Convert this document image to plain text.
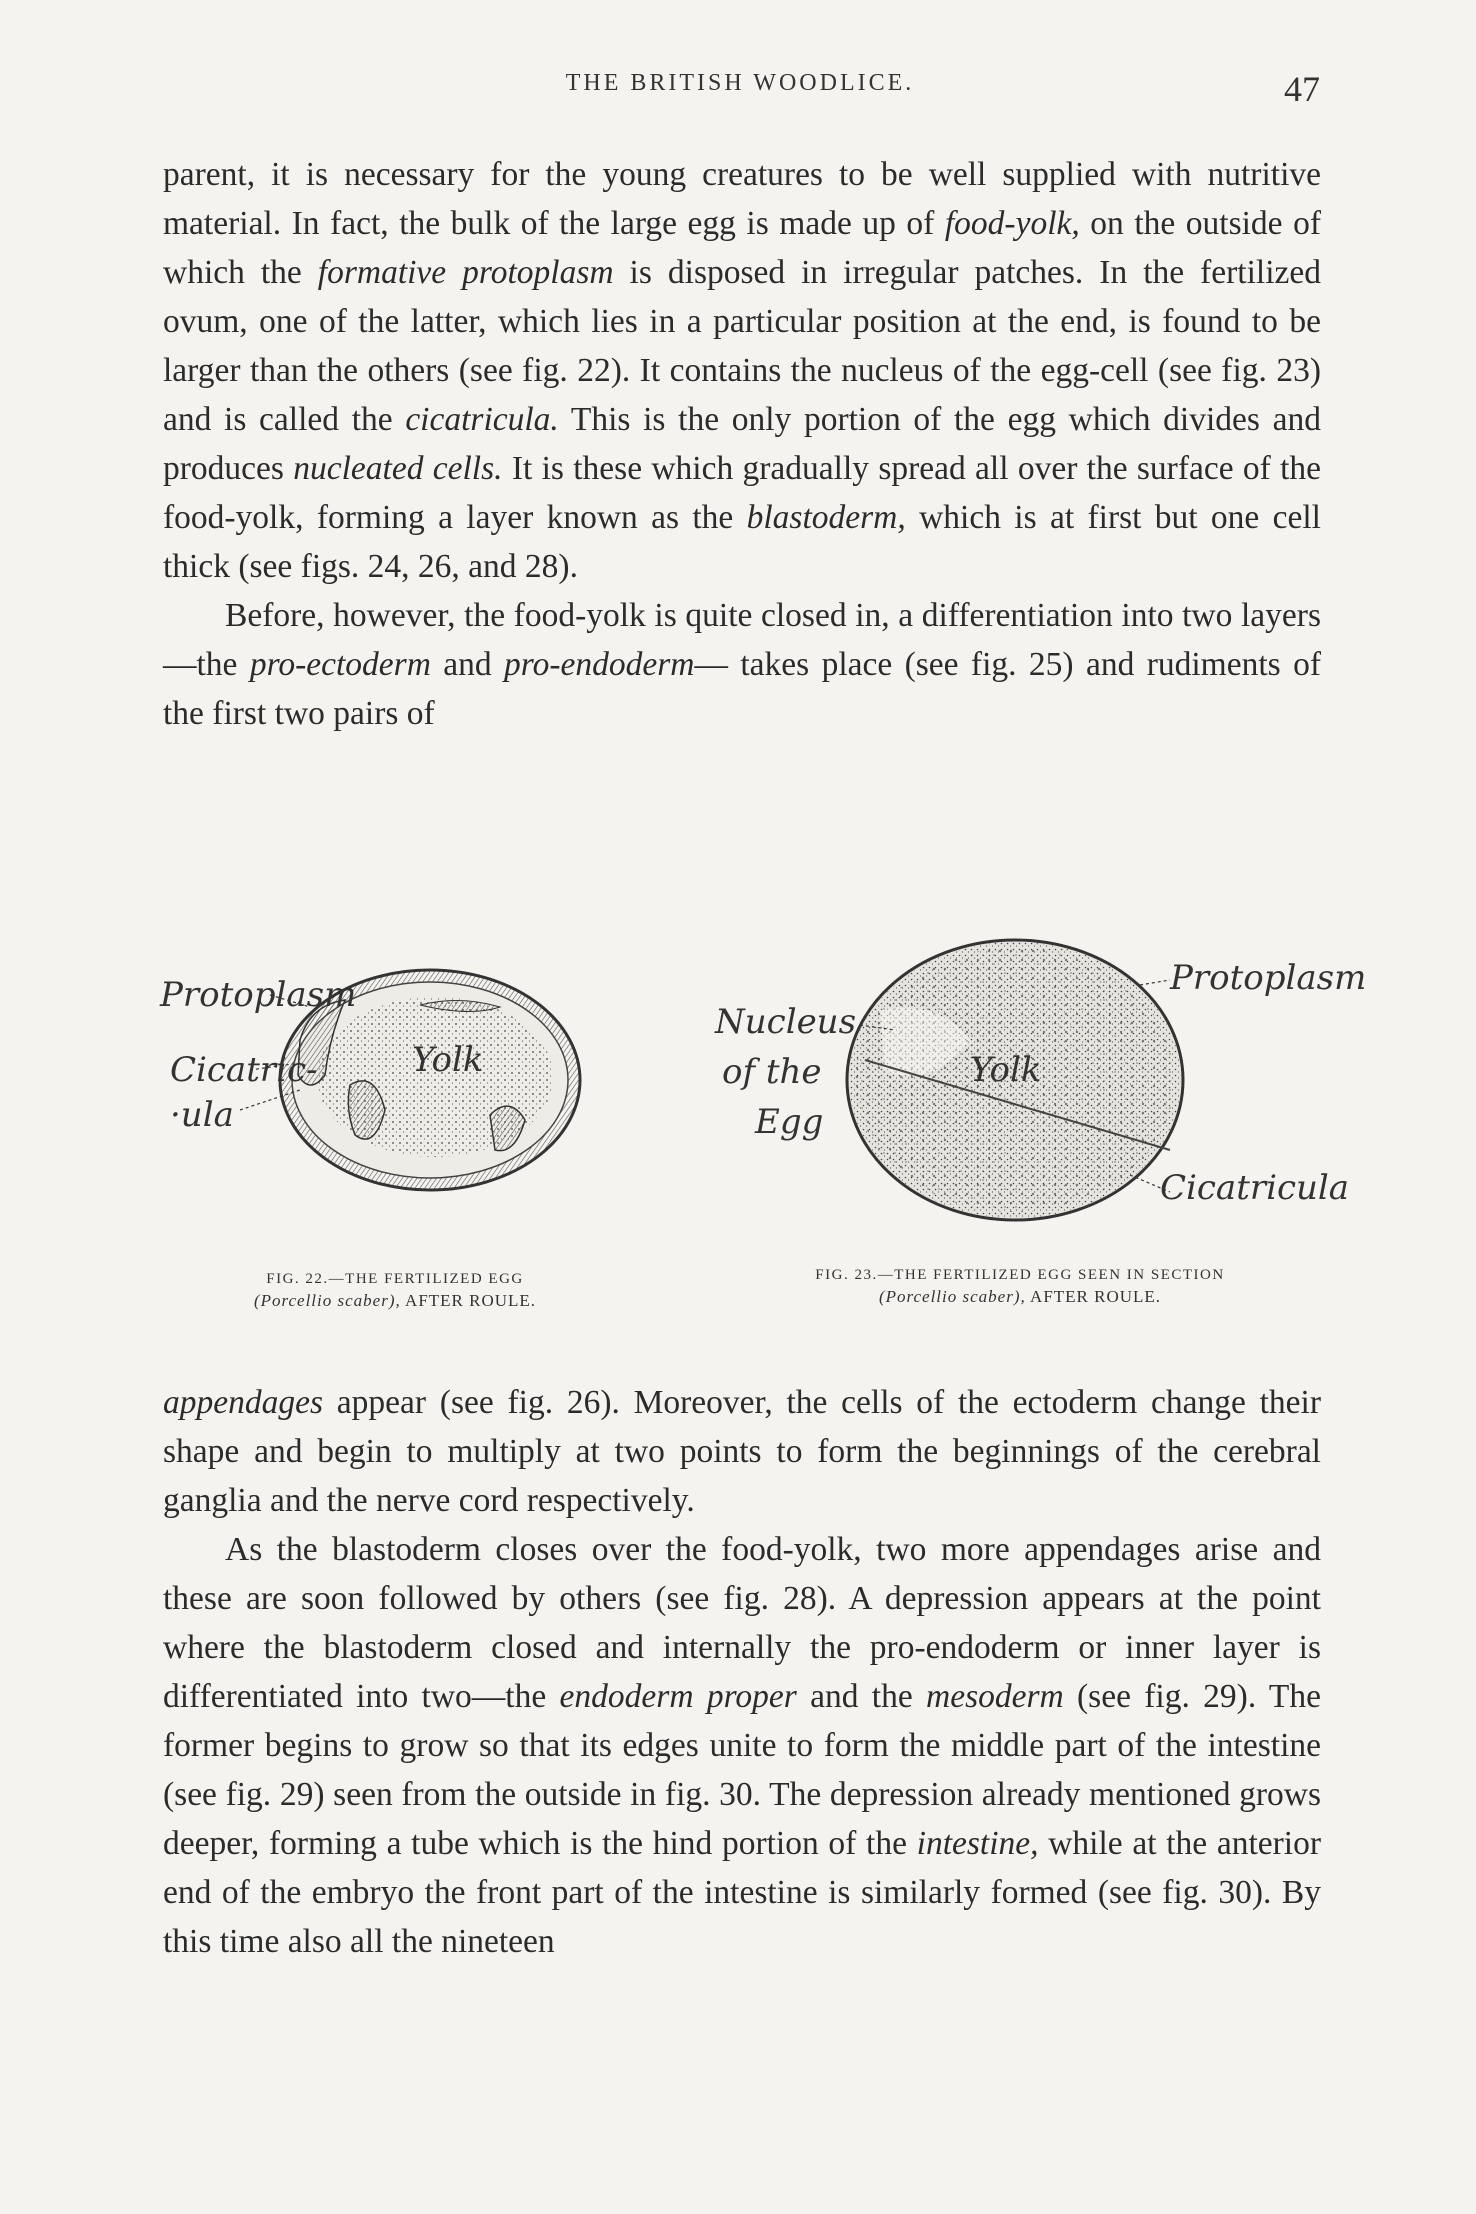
THE BRITISH WOODLICE.	47

parent, it is necessary for the young creatures to be well supplied with nutritive material. In fact, the bulk of the large egg is made up of food-yolk, on the outside of which the formative protoplasm is disposed in irregular patches. In the fertilized ovum, one of the latter, which lies in a particular position at the end, is found to be larger than the others (see fig. 22). It contains the nucleus of the egg-cell (see fig. 23) and is called the cicatricula. This is the only portion of the egg which divides and produces nucleated cells. It is these which gradually spread all over the surface of the food-yolk, forming a layer known as the blastoderm, which is at first but one cell thick (see figs. 24, 26, and 28).

Before, however, the food-yolk is quite closed in, a differentiation into two layers—the pro-ectoderm and pro-endoderm— takes place (see fig. 25) and rudiments of the first two pairs of

Protoplasm
Cicatric-
·ula
Yolk
FIG. 22.—THE FERTILIZED EGG
(Porcellio scaber), AFTER ROULE.
Nucleus
of the
Egg
Yolk
Protoplasm
Cicatricula
FIG. 23.—THE FERTILIZED EGG SEEN IN SECTION
(Porcellio scaber), AFTER ROULE.

appendages appear (see fig. 26). Moreover, the cells of the ectoderm change their shape and begin to multiply at two points to form the beginnings of the cerebral ganglia and the nerve cord respectively.

As the blastoderm closes over the food-yolk, two more appendages arise and these are soon followed by others (see fig. 28). A depression appears at the point where the blastoderm closed and internally the pro-endoderm or inner layer is differentiated into two—the endoderm proper and the mesoderm (see fig. 29). The former begins to grow so that its edges unite to form the middle part of the intestine (see fig. 29) seen from the outside in fig. 30. The depression already mentioned grows deeper, forming a tube which is the hind portion of the intestine, while at the anterior end of the embryo the front part of the intestine is similarly formed (see fig. 30). By this time also all the nineteen
